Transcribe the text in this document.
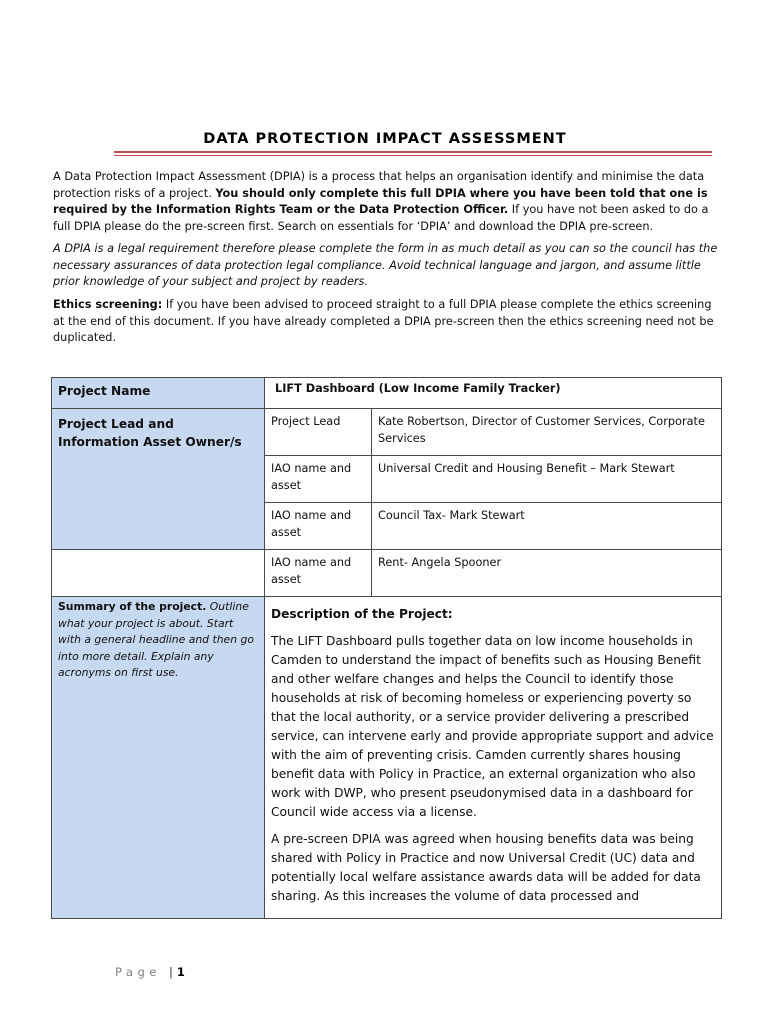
DATA PROTECTION IMPACT ASSESSMENT

A Data Protection Impact Assessment (DPIA) is a process that helps an organisation identify and minimise the data protection risks of a project. You should only complete this full DPIA where you have been told that one is required by the Information Rights Team or the Data Protection Officer. If you have not been asked to do a full DPIA please do the pre-screen first. Search on essentials for ‘DPIA’ and download the DPIA pre-screen.

A DPIA is a legal requirement therefore please complete the form in as much detail as you can so the council has the necessary assurances of data protection legal compliance. Avoid technical language and jargon, and assume little prior knowledge of your subject and project by readers.

Ethics screening: If you have been advised to proceed straight to a full DPIA please complete the ethics screening at the end of this document. If you have already completed a DPIA pre-screen then the ethics screening need not be duplicated.

Project Name	LIFT Dashboard (Low Income Family Tracker)	

Project Lead and Information Asset Owner/s	Project Lead	Kate Robertson, Director of Customer Services, Corporate Services

	IAO name and asset	Universal Credit and Housing Benefit – Mark Stewart

	IAO name and asset	Council Tax- Mark Stewart

	IAO name and asset	Rent- Angela Spooner

Summary of the project. Outline what your project is about. Start with a general headline and then go into more detail. Explain any acronyms on first use.	Description of the Project:

The LIFT Dashboard pulls together data on low income households in Camden to understand the impact of benefits such as Housing Benefit and other welfare changes and helps the Council to identify those households at risk of becoming homeless or experiencing poverty so that the local authority, or a service provider delivering a prescribed service, can intervene early and provide appropriate support and advice with the aim of preventing crisis. Camden currently shares housing benefit data with Policy in Practice, an external organization who also work with DWP, who present pseudonymised data in a dashboard for Council wide access via a license.

A pre-screen DPIA was agreed when housing benefits data was being shared with Policy in Practice and now Universal Credit (UC) data and potentially local welfare assistance awards data will be added for data sharing. As this increases the volume of data processed and	

Page | 1
